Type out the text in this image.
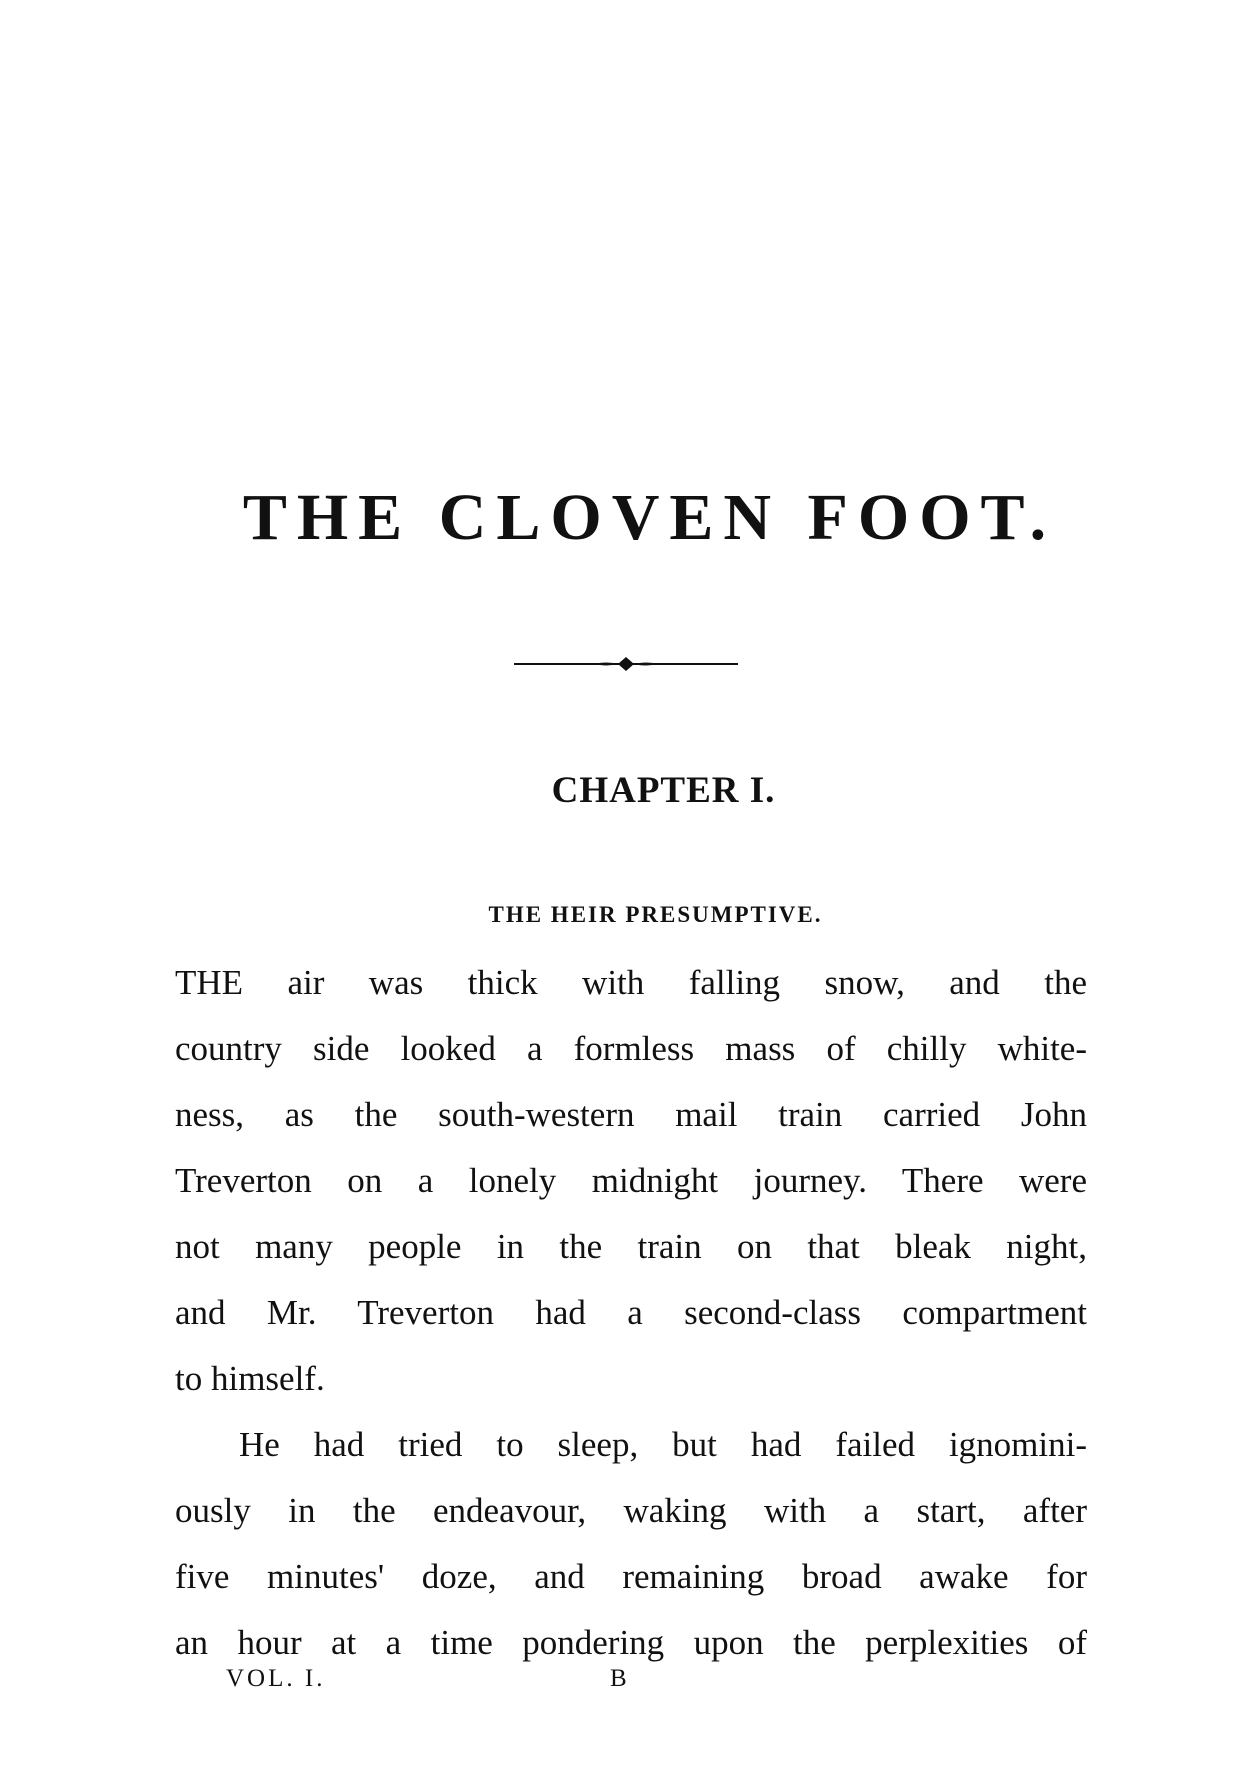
THE CLOVEN FOOT.
CHAPTER I.
THE HEIR PRESUMPTIVE.
THE air was thick with falling snow, and the
country side looked a formless mass of chilly white-
ness, as the south-western mail train carried John
Treverton on a lonely midnight journey. There were
not many people in the train on that bleak night,
and Mr. Treverton had a second-class compartment
to himself.
He had tried to sleep, but had failed ignomini-
ously in the endeavour, waking with a start, after
five minutes' doze, and remaining broad awake for
an hour at a time pondering upon the perplexities of
VOL. I.	B
